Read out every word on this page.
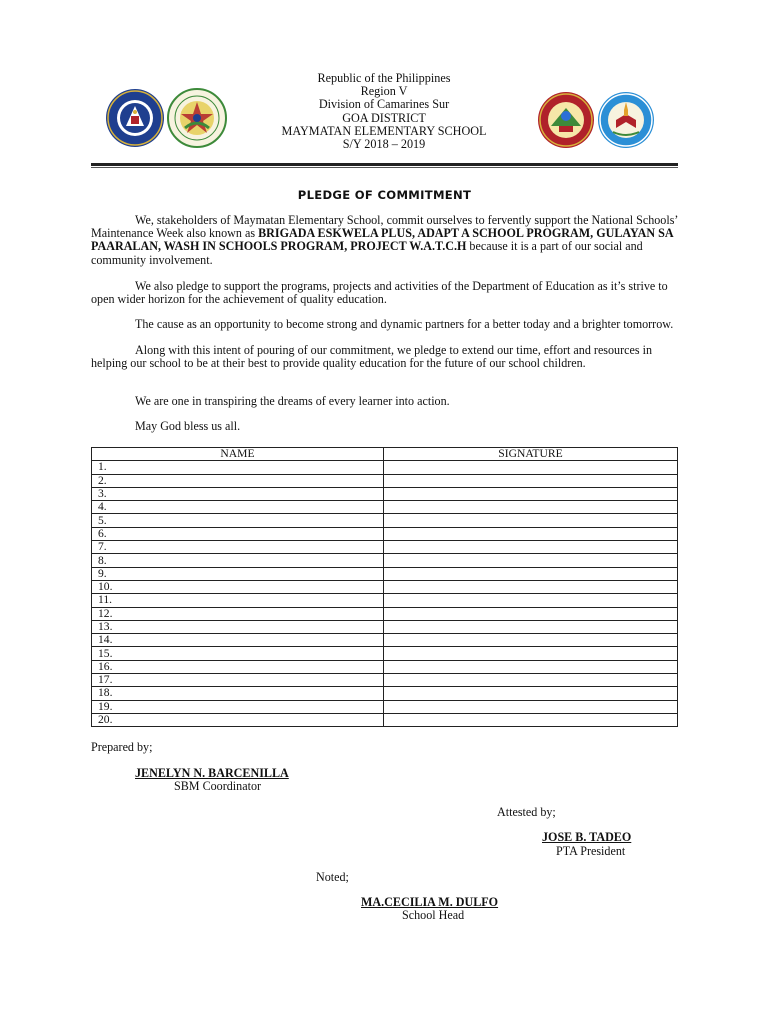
Republic of the Philippines
Region V
Division of Camarines Sur
GOA DISTRICT
MAYMATAN ELEMENTARY SCHOOL
S/Y 2018 – 2019
PLEDGE OF COMMITMENT
We, stakeholders of Maymatan Elementary School, commit ourselves to fervently support the National Schools’ Maintenance Week also known as BRIGADA ESKWELA PLUS, ADAPT A SCHOOL PROGRAM, GULAYAN SA PAARALAN, WASH IN SCHOOLS PROGRAM, PROJECT W.A.T.C.H because it is a part of our social and community involvement.
We also pledge to support the programs, projects and activities of the Department of Education as it’s strive to open wider horizon for the achievement of quality education.
The cause as an opportunity to become strong and dynamic partners for a better today and a brighter tomorrow.
Along with this intent of pouring of our commitment, we pledge to extend our time, effort and resources in helping our school to be at their best to provide quality education for the future of our school children.
We are one in transpiring the dreams of every learner into action.
May God bless us all.
NAME	SIGNATURE
1.	
2.	
3.	
4.	
5.	
6.	
7.	
8.	
9.	
10.	
11.	
12.	
13.	
14.	
15.	
16.	
17.	
18.	
19.	
20.	
Prepared by;
JENELYN N. BARCENILLA
SBM Coordinator
Attested by;
JOSE B. TADEO
PTA President
Noted;
MA.CECILIA M. DULFO
School Head
